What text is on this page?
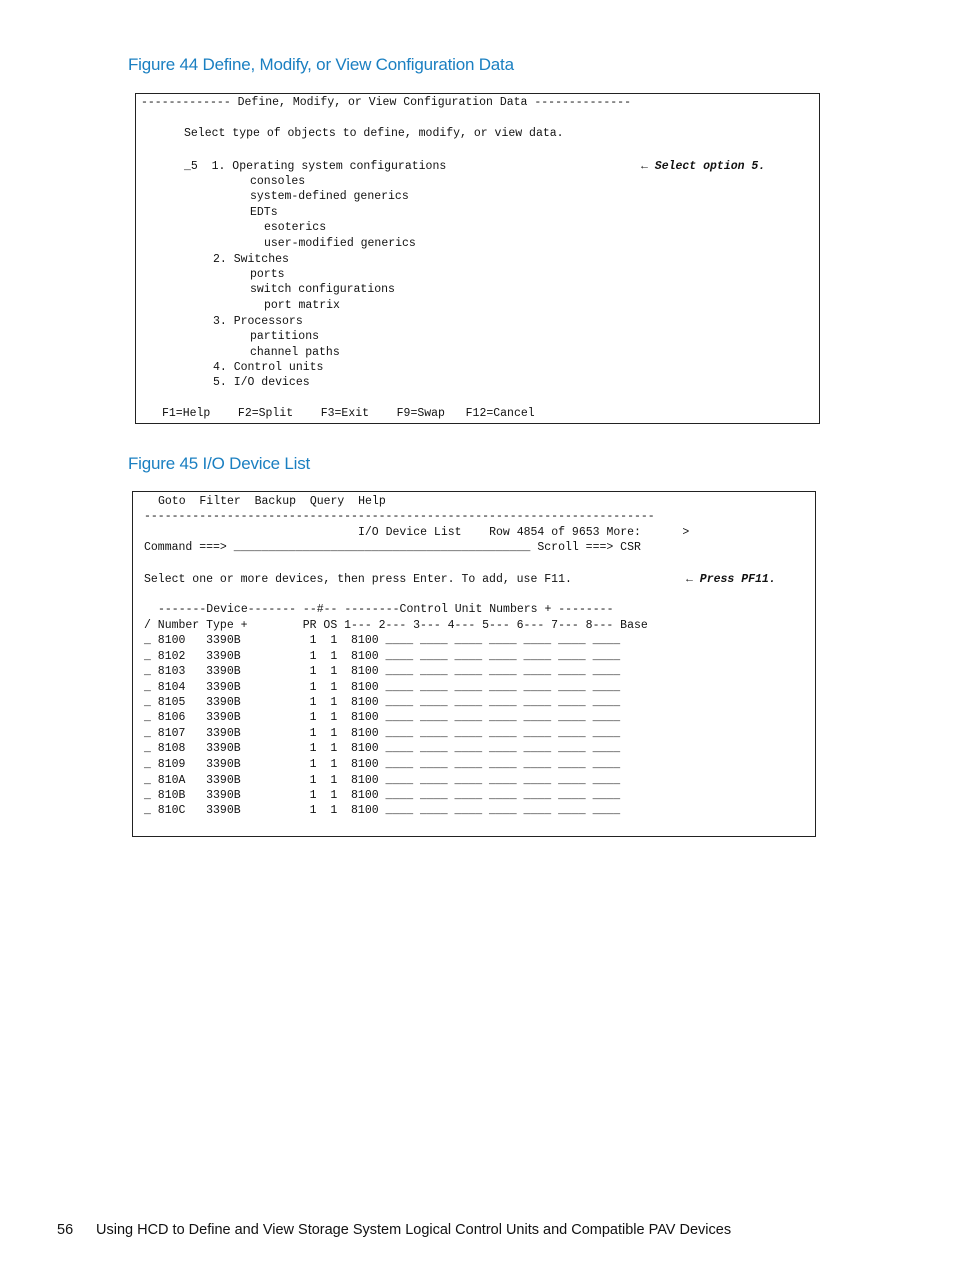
Figure 44 Define, Modify, or View Configuration Data
------------- Define, Modify, or View Configuration Data --------------
Select type of objects to define, modify, or view data.
_5  1. Operating system configurations	← Select option 5.
consoles
system-defined generics
EDTs
esoterics
user-modified generics
2. Switches
ports
switch configurations
port matrix
3. Processors
partitions
channel paths
4. Control units
5. I/O devices
F1=Help    F2=Split    F3=Exit    F9=Swap   F12=Cancel
Figure 45 I/O Device List
Goto  Filter  Backup  Query  Help
--------------------------------------------------------------------------
I/O Device List    Row 4854 of 9653 More:      >
Command ===> ___________________________________________ Scroll ===> CSR
Select one or more devices, then press Enter. To add, use F11.	← Press PF11.
-------Device------- --#-- --------Control Unit Numbers + --------
/ Number Type +        PR OS 1--- 2--- 3--- 4--- 5--- 6--- 7--- 8--- Base
_ 8100   3390B          1  1  8100 ____ ____ ____ ____ ____ ____ ____
_ 8102   3390B          1  1  8100 ____ ____ ____ ____ ____ ____ ____
_ 8103   3390B          1  1  8100 ____ ____ ____ ____ ____ ____ ____
_ 8104   3390B          1  1  8100 ____ ____ ____ ____ ____ ____ ____
_ 8105   3390B          1  1  8100 ____ ____ ____ ____ ____ ____ ____
_ 8106   3390B          1  1  8100 ____ ____ ____ ____ ____ ____ ____
_ 8107   3390B          1  1  8100 ____ ____ ____ ____ ____ ____ ____
_ 8108   3390B          1  1  8100 ____ ____ ____ ____ ____ ____ ____
_ 8109   3390B          1  1  8100 ____ ____ ____ ____ ____ ____ ____
_ 810A   3390B          1  1  8100 ____ ____ ____ ____ ____ ____ ____
_ 810B   3390B          1  1  8100 ____ ____ ____ ____ ____ ____ ____
_ 810C   3390B          1  1  8100 ____ ____ ____ ____ ____ ____ ____
56 Using HCD to Define and View Storage System Logical Control Units and Compatible PAV Devices
